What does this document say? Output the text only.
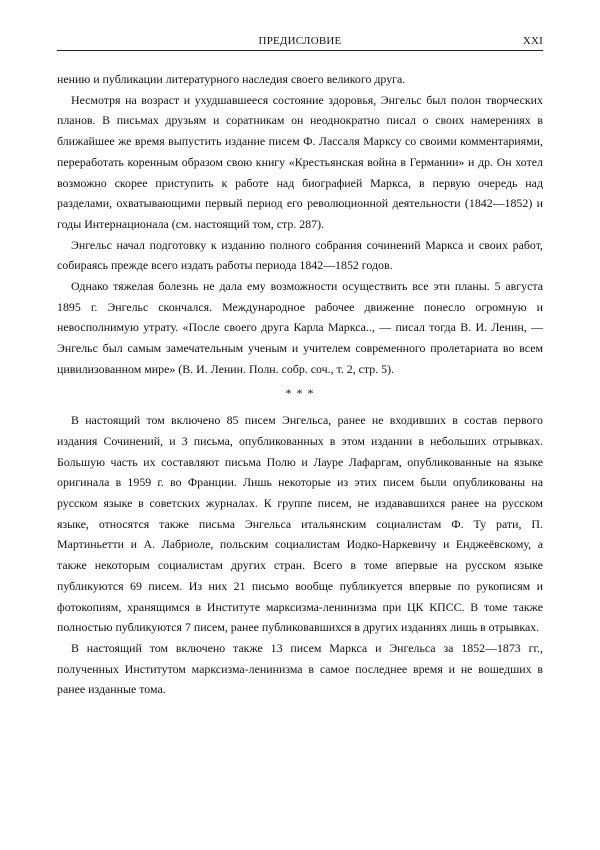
ПРЕДИСЛОВИЕ	XXI

нению и публикации литературного наследия своего великого друга.

Несмотря на возраст и ухудшавшееся состояние здоровья, Энгельс был полон творческих планов. В письмах друзьям и соратникам он неоднократно писал о своих намерениях в ближайшее же время выпустить издание писем Ф. Лассаля Марксу со своими комментариями, переработать коренным образом свою книгу «Крестьянская война в Германии» и др. Он хотел возможно скорее приступить к работе над биографией Маркса, в первую очередь над разделами, охватывающими первый период его революционной деятельности (1842—1852) и годы Интернационала (см. настоящий том, стр. 287).

Энгельс начал подготовку к изданию полного собрания сочинений Маркса и своих работ, собираясь прежде всего издать работы периода 1842—1852 годов.

Однако тяжелая болезнь не дала ему возможности осуществить все эти планы. 5 августа 1895 г. Энгельс скончался. Международное рабочее движение понесло огромную и невосполнимую утрату. «После своего друга Карла Маркса.., — писал тогда В. И. Ленин, — Энгельс был самым замечательным ученым и учителем современного пролетариата во всем цивилизованном мире» (В. И. Ленин. Полн. собр. соч., т. 2, стр. 5).

* * *

В настоящий том включено 85 писем Энгельса, ранее не входивших в состав первого издания Сочинений, и 3 письма, опубликованных в этом издании в небольших отрывках. Большую часть их составляют письма Полю и Лауре Лафаргам, опубликованные на языке оригинала в 1959 г. во Франции. Лишь некоторые из этих писем были опубликованы на русском языке в советских журналах. К группе писем, не издававшихся ранее на русском языке, относятся также письма Энгельса итальянским социалистам Ф. Ту рати, П. Мартиньетти и А. Лабриоле, польским социалистам Иодко-Наркевичу и Енджеёвскому, а также некоторым социалистам других стран. Всего в томе впервые на русском языке публикуются 69 писем. Из них 21 письмо вообще публикуется впервые по рукописям и фотокопиям, хранящимся в Институте марксизма-ленинизма при ЦК КПСС. В томе также полностью публикуются 7 писем, ранее публиковавшихся в других изданиях лишь в отрывках.

В настоящий том включено также 13 писем Маркса и Энгельса за 1852—1873 гг., полученных Институтом марксизма-ленинизма в самое последнее время и не вошедших в ранее изданные тома.
